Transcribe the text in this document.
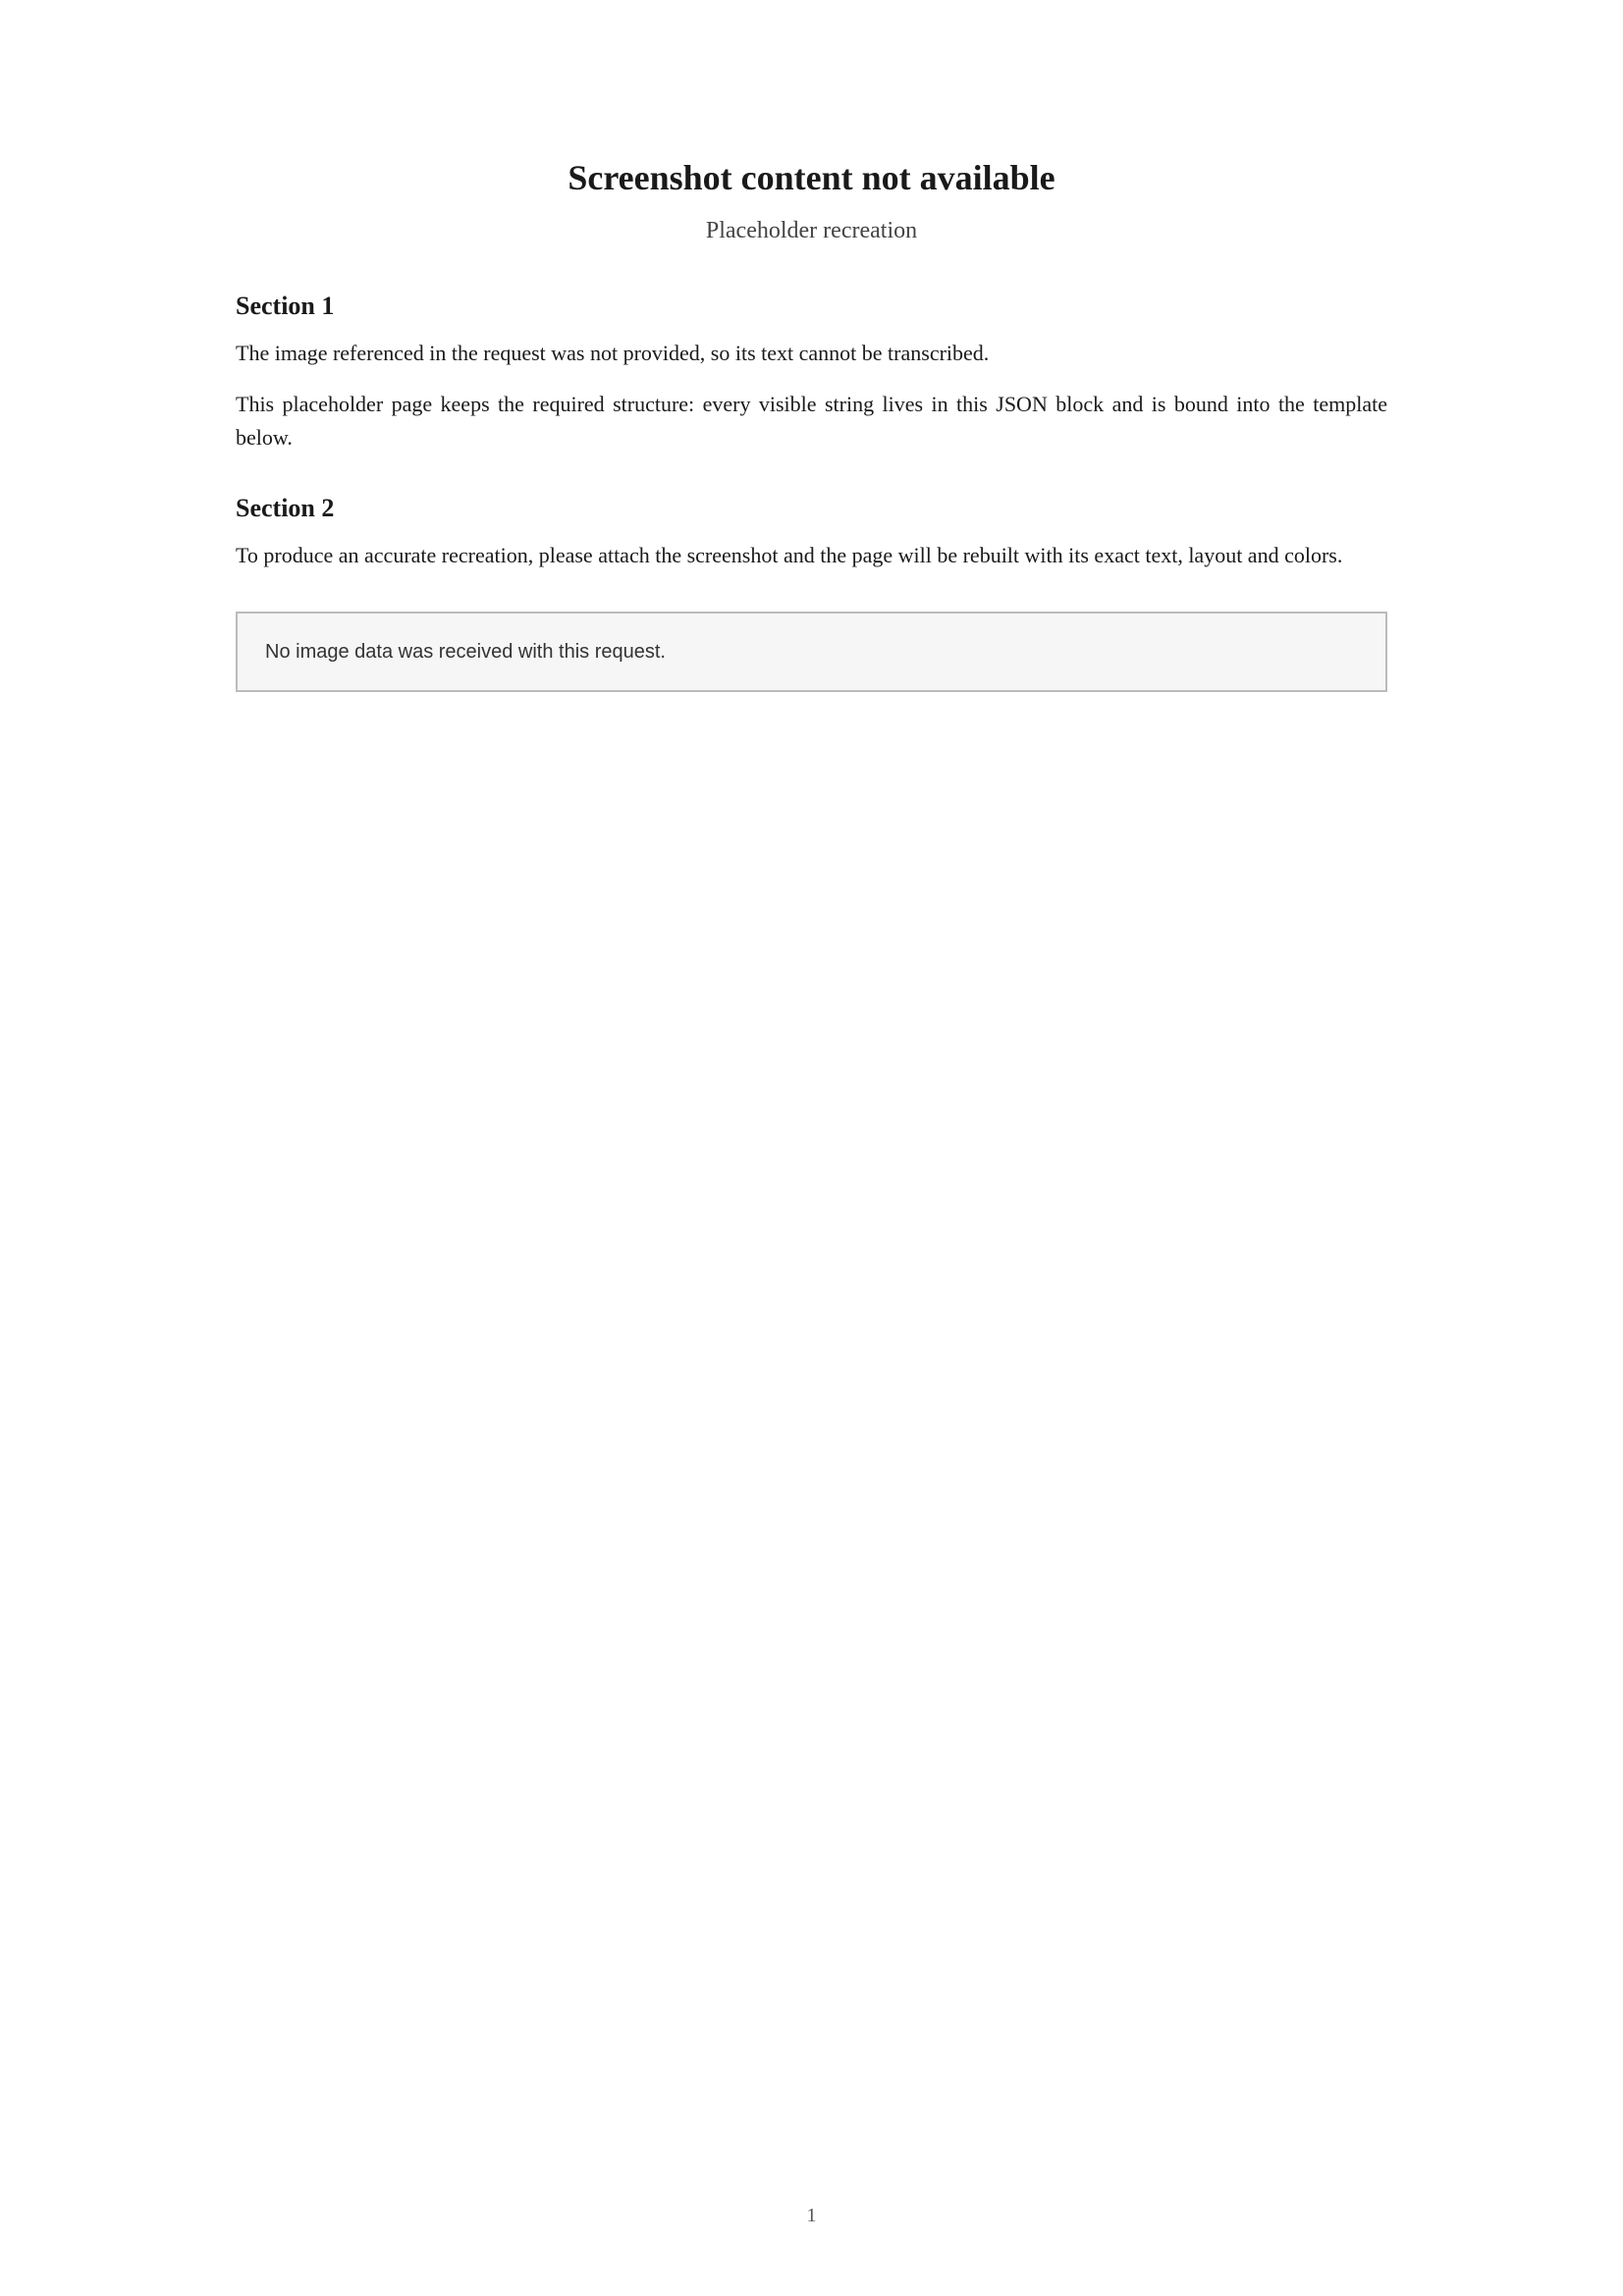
Screenshot content not available
Placeholder recreation
Section 1

The image referenced in the request was not provided, so its text cannot be transcribed.

This placeholder page keeps the required structure: every visible string lives in this JSON block and is bound into the template below.

Section 2

To produce an accurate recreation, please attach the screenshot and the page will be rebuilt with its exact text, layout and colors.

No image data was received with this request.
1
